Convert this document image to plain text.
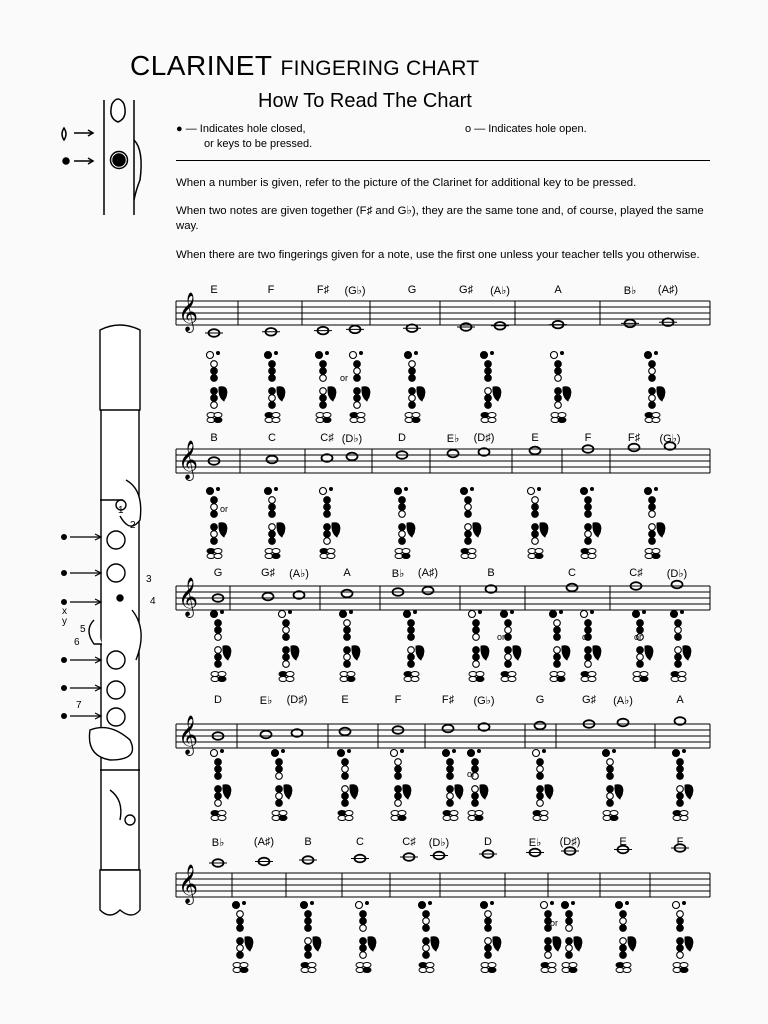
CLARINET FINGERING CHART
How To Read The Chart
● — Indicates hole closed,
or keys to be pressed.
o — Indicates hole open.

When a number is given, refer to the picture of the Clarinet for additional key to be pressed.

When two notes are given together (F♯ and G♭), they are the same tone and, of course, played the same way.

When there are two fingerings given for a note, use the first one unless your teacher tells you otherwise.

𝄞
𝄞
𝄞
𝄞
𝄞
or
or
or	or	or
or
or
3
4
x
y
5
6
7
1
2
E	F	F♯ (G♭)	G	G♯ (A♭)	A	B♭ (A♯)
B	C	C♯ (D♭)	D	E♭ (D♯)	E	F	F♯ (G♭)
G	G♯ (A♭)	A	B♭ (A♯)	B	C	C♯ (D♭)
D	E♭ (D♯)	E	F	F♯ (G♭)	G	G♯ (A♭)	A
B♭	(A♯)	B	C	C♯ (D♭)	D	E♭ (D♯)	E	F
